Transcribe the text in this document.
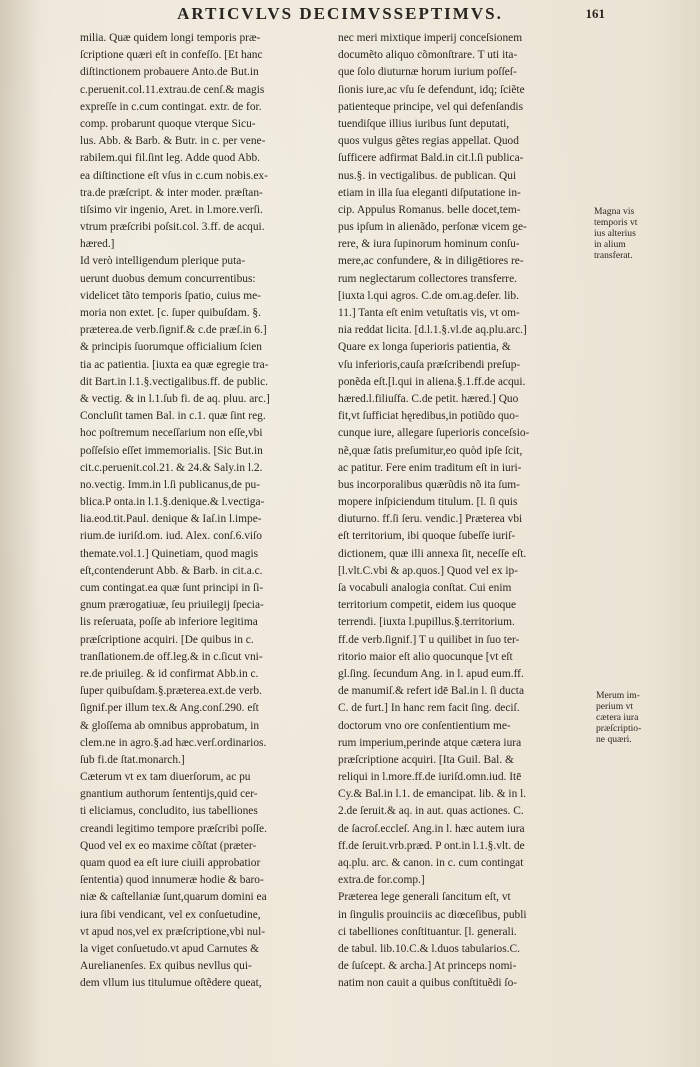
ARTICVLVS DECIMVSSEPTIMVS.	161
milia. Quæ quidem longi temporis præ-
ſcriptione quæri eſt in confeſſo. [Et hanc
diſtinctionem probauere Anto.de But.in
c.peruenit.col.11.extrau.de cenſ.& magis
expreſſe in c.cum contingat. extr. de for.
comp. probarunt quoque vterque Sicu-
lus. Abb. & Barb. & Butr. in c. per vene-
rabilem.qui fil.ſint leg. Adde quod Abb.
ea diſtinctione eſt vſus in c.cum nobis.ex-
tra.de præſcript. & inter moder. præſtan-
tiſsimo vir ingenio, Aret. in l.more.verſi.
vtrum præſcribi poſsit.col. 3.ff. de acqui.
hæred.]
Id verò intelligendum plerique puta-
uerunt duobus demum concurrentibus:
videlicet tãto temporis ſpatio, cuius me-
moria non extet. [c. ſuper quibuſdam. §.
præterea.de verb.ſignif.& c.de præſ.in 6.]
& principis ſuorumque officialium ſcien
tia ac patientia. [iuxta ea quæ egregie tra-
dit Bart.in l.1.§.vectigalibus.ff. de public.
& vectig. & in l.1.ſub fi. de aq. pluu. arc.]
Concluſit tamen Bal. in c.1. quæ ſint reg.
hoc poſtremum neceſſarium non eſſe,vbi
poſſeſsio eſſet immemorialis. [Sic But.in
cit.c.peruenit.col.21. & 24.& Saly.in l.2.
no.vectig. Imm.in l.ſi publicanus,de pu-
blica.P onta.in l.1.§.denique.& l.vectiga-
lia.eod.tit.Paul. denique & Iaſ.in l.impe-
rium.de iuriſd.om. iud. Alex. conſ.6.viſo
themate.vol.1.] Quinetiam, quod magis
eſt,contenderunt Abb. & Barb. in cit.a.c.
cum contingat.ea quæ ſunt principi in ſi-
gnum prærogatiuæ, ſeu priuilegij ſpecia-
lis reſeruata, poſſe ab inferiore legitima
præſcriptione acquiri. [De quibus in c.
tranſlationem.de off.leg.& in c.ſicut vni-
re.de priuileg. & id confirmat Abb.in c.
ſuper quibuſdam.§.præterea.ext.de verb.
ſignif.per illum tex.& Ang.conſ.290. eſt
& gloſſema ab omnibus approbatum, in
clem.ne in agro.§.ad hæc.verſ.ordinarios.
ſub fi.de ſtat.monarch.]
Cæterum vt ex tam diuerſorum, ac pu
gnantium authorum ſententijs,quid cer-
ti eliciamus, concludito, ius tabelliones
creandi legitimo tempore præſcribi poſſe.
Quod vel ex eo maxime cõſtat (præter-
quam quod ea eſt iure ciuili approbatior
ſententia) quod innumeræ hodie & baro-
niæ & caſtellaniæ ſunt,quarum domini ea
iura ſibi vendicant, vel ex conſuetudine,
vt apud nos,vel ex præſcriptione,vbi nul-
la viget conſuetudo.vt apud Carnutes &
Aurelianenſes. Ex quibus nevllus qui-
dem vllum ius titulumue oſtẽdere queat,
nec meri mixtique imperij conceſsionem
documẽto aliquo cõmonſtrare. T uti ita-
que ſolo diuturnæ horum iurium poſſeſ-
ſionis iure,ac vſu ſe defendunt, idq; ſciẽte
patienteque principe, vel qui defenſandis
tuendiſque illius iuribus ſunt deputati,
quos vulgus gẽtes regias appellat. Quod
ſufficere adfirmat Bald.in cit.l.ſi publica-
nus.§. in vectigalibus. de publican. Qui
etiam in illa ſua eleganti diſputatione in-
cip. Appulus Romanus. belle docet,tem-
pus ipſum in alienãdo, perſonæ vicem ge-
rere, & iura ſupinorum hominum conſu-
mere,ac confundere, & in diligētiores re-
rum neglectarum collectores transferre.
[iuxta l.qui agros. C.de om.ag.deſer. lib.
11.] Tanta eſt enim vetuſtatis vis, vt om-
nia reddat licita. [d.l.1.§.vl.de aq.plu.arc.]
Quare ex longa ſuperioris patientia, &
vſu inferioris,cauſa præſcribendi preſup-
ponẽda eſt.[l.qui in aliena.§.1.ff.de acqui.
hæred.l.filiuſfa. C.de petit. hæred.] Quo
fit,vt ſufficiat hęredibus,in potiũdo quo-
cunque iure, allegare ſuperioris conceſsio-
nẽ,quæ ſatis preſumitur,eo quòd ipſe ſcit,
ac patitur. Fere enim traditum eſt in iuri-
bus incorporalibus quærũdis nõ ita ſum-
mopere inſpiciendum titulum. [l. ſi quis
diuturno. ff.ſi ſeru. vendic.] Præterea vbi
eſt territorium, ibi quoque ſubeſſe iuriſ-
dictionem, quæ illi annexa ſit, neceſſe eſt.
[l.vlt.C.vbi & ap.quos.] Quod vel ex ip-
ſa vocabuli analogia conſtat. Cui enim
territorium competit, eidem ius quoque
terrendi. [iuxta l.pupillus.§.territorium.
ff.de verb.ſignif.] T u quilibet in ſuo ter-
ritorio maior eſt alio quocunque [vt eſt
gl.ſing. ſecundum Ang. in l. apud eum.ff.
de manumiſ.& refert idē Bal.in l. ſi ducta
C. de furt.] In hanc rem facit ſing. deciſ.
doctorum vno ore conſentientium me-
rum imperium,perinde atque cætera iura
præſcriptione acquiri. [Ita Guil. Bal. &
reliqui in l.more.ff.de iuriſd.omn.iud. Itē
Cy.& Bal.in l.1. de emancipat. lib. & in l.
2.de ſeruit.& aq. in aut. quas actiones. C.
de ſacroſ.eccleſ. Ang.in l. hæc autem iura
ff.de ſeruit.vrb.præd. P ont.in l.1.§.vlt. de
aq.plu. arc. & canon. in c. cum contingat
extra.de for.comp.]
Præterea lege generali ſancitum eſt, vt
in ſingulis prouinciis ac diœceſibus, publi
ci tabelliones conſtituantur. [l. generali.
de tabul. lib.10.C.& l.duos tabularios.C.
de ſuſcept. & archa.] At princeps nomi-
natim non cauit a quibus conſtituẽdi ſo-
Magna vis
temporis vt
ius alterius
in alium
transferat.
Merum im-
perium vt
cætera iura
præſcriptio-
ne quæri.
